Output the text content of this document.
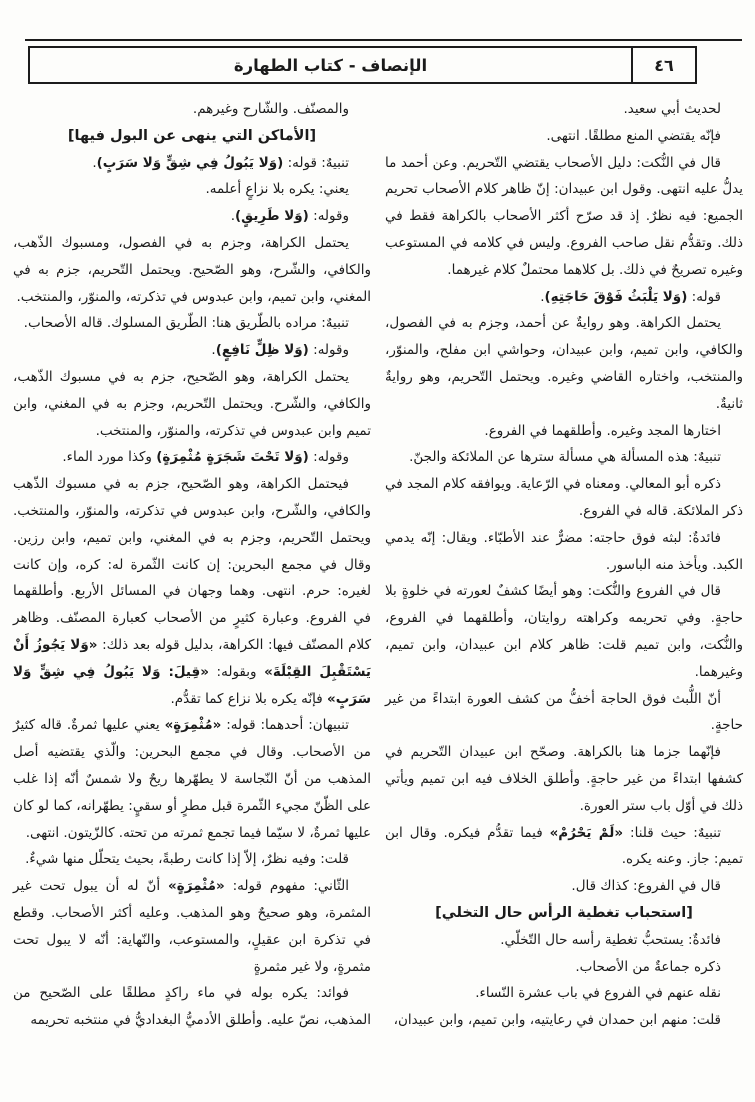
٤٦
الإنصاف - كتاب الطهارة

لحديث أبي سعيد.

فإنّه يقتضي المنع مطلقًا. انتهى.

قال في النُّكت: دليل الأصحاب يقتضي التّحريم. وعن أحمد ما يدلُّ عليه انتهى. وقول ابن عبيدان: إنّ ظاهر كلام الأصحاب تحريم الجميع: فيه نظرٌ. إذ قد صرّح أكثر الأصحاب بالكراهة فقط في ذلك. وتقدُّم نقل صاحب الفروع. وليس في كلامه في المستوعب وغيره تصريحٌ في ذلك. بل كلاهما محتملٌ كلام غيرهما.

قوله: (وَلا يَلْبَثُ فَوْقَ حَاجَتِهِ).

يحتمل الكراهة. وهو روايةٌ عن أحمد، وجزم به في الفصول، والكافي، وابن تميم، وابن عبيدان، وحواشي ابن مفلح، والمنوّر، والمنتخب، واختاره القاضي وغيره. ويحتمل التّحريم، وهو روايةٌ ثانيةٌ.

اختارها المجد وغيره. وأطلقهما في الفروع.

تنبيهٌ: هذه المسألة هي مسألة سترها عن الملائكة والجنّ.

ذكره أبو المعالي. ومعناه في الرّعاية. ويوافقه كلام المجد في ذكر الملائكة. قاله في الفروع.

فائدةٌ: لبثه فوق حاجته: مضرٌّ عند الأطبّاء. ويقال: إنّه يدمي الكبد. ويأخذ منه الباسور.

قال في الفروع والنُّكت: وهو أيضًا كشفٌ لعورته في خلوةٍ بلا حاجةٍ. وفي تحريمه وكراهته روايتان، وأطلقهما في الفروع، والنُّكت، وابن تميم قلت: ظاهر كلام ابن عبيدان، وابن تميم، وغيرهما.

أنّ اللُّبث فوق الحاجة أخفُّ من كشف العورة ابتداءً من غير حاجةٍ.

فإنّهما جزما هنا بالكراهة. وصحّح ابن عبيدان التّحريم في كشفها ابتداءً من غير حاجةٍ. وأطلق الخلاف فيه ابن تميم ويأتي ذلك في أوّل باب ستر العورة.

تنبيهٌ: حيث قلنا: «لَمْ يَحْرُمْ» فيما تقدُّم فيكره. وقال ابن تميم: جاز. وعنه يكره.

قال في الفروع: كذاك قال.

[استحباب تغطية الرأس حال التخلي]

فائدةٌ: يستحبُّ تغطية رأسه حال التّخلّي.

ذكره جماعةٌ من الأصحاب.

نقله عنهم في الفروع في باب عشرة النّساء.

قلت: منهم ابن حمدان في رعايتيه، وابن تميم، وابن عبيدان،

والمصنّف. والشّارح وغيرهم.

[الأماكن التي ينهى عن البول فيها]

تنبيهٌ: قوله: (وَلا يَبُولُ فِي شِقٍّ وَلا سَرَبٍ).

يعني: يكره بلا نزاعٍ أعلمه.

وقوله: (وَلا طَرِيقٍ).

يحتمل الكراهة، وجزم به في الفصول، ومسبوك الذّهب، والكافي، والشّرح، وهو الصّحيح. ويحتمل التّحريم، جزم به في المغني، وابن تميم، وابن عبدوس في تذكرته، والمنوّر، والمنتخب.

تنبيهٌ: مراده بالطّريق هنا: الطّريق المسلوك. قاله الأصحاب.

وقوله: (وَلا ظِلٍّ نَافِعٍ).

يحتمل الكراهة، وهو الصّحيح، جزم به في مسبوك الذّهب، والكافي، والشّرح. ويحتمل التّحريم، وجزم به في المغني، وابن تميم وابن عبدوس في تذكرته، والمنوّر، والمنتخب.

وقوله: (وَلا تَحْتَ شَجَرَةٍ مُثْمِرَةٍ) وكذا مورد الماء.

فيحتمل الكراهة، وهو الصّحيح، جزم به في مسبوك الذّهب والكافي، والشّرح، وابن عبدوس في تذكرته، والمنوّر، والمنتخب. ويحتمل التّحريم، وجزم به في المغني، وابن تميم، وابن رزين. وقال في مجمع البحرين: إن كانت الثّمرة له: كره، وإن كانت لغيره: حرم. انتهى. وهما وجهان في المسائل الأربع. وأطلقهما في الفروع. وعبارة كثيرٍ من الأصحاب كعبارة المصنّف. وظاهر كلام المصنّف فيها: الكراهة، بدليل قوله بعد ذلك: «وَلا يَجُوزُ أَنْ يَسْتَقْبِلَ القِبْلَةَ» وبقوله: «قِيلَ: وَلا يَبُولُ فِي شِقٍّ وَلا سَرَبٍ» فإنّه يكره بلا نزاع كما تقدُّم.

تنبيهان: أحدهما: قوله: «مُثْمِرَةٍ» يعني عليها ثمرةٌ. قاله كثيرٌ من الأصحاب. وقال في مجمع البحرين: والّذي يقتضيه أصل المذهب من أنّ النّجاسة لا يطهّرها ريحٌ ولا شمسٌ أنّه إذا غلب على الظّنّ مجيء الثّمرة قبل مطرٍ أو سقيٍ: يطهّرانه، كما لو كان عليها ثمرةٌ، لا سيّما فيما تجمع ثمرته من تحته. كالزّيتون. انتهى.

قلت: وفيه نظرٌ، إلاّ إذا كانت رطبةً، بحيث يتحلّل منها شيءٌ.

الثّاني: مفهوم قوله: «مُثْمِرَةٍ» أنّ له أن يبول تحت غير المثمرة، وهو صحيحٌ وهو المذهب. وعليه أكثر الأصحاب. وقطع في تذكرة ابن عقيلٍ، والمستوعب، والنّهاية: أنّه لا يبول تحت مثمرةٍ، ولا غير مثمرةٍ

فوائد: يكره بوله في ماء راكدٍ مطلقًا على الصّحيح من المذهب، نصّ عليه. وأطلق الأدميُّ البغداديُّ في منتخبه تحريمه
